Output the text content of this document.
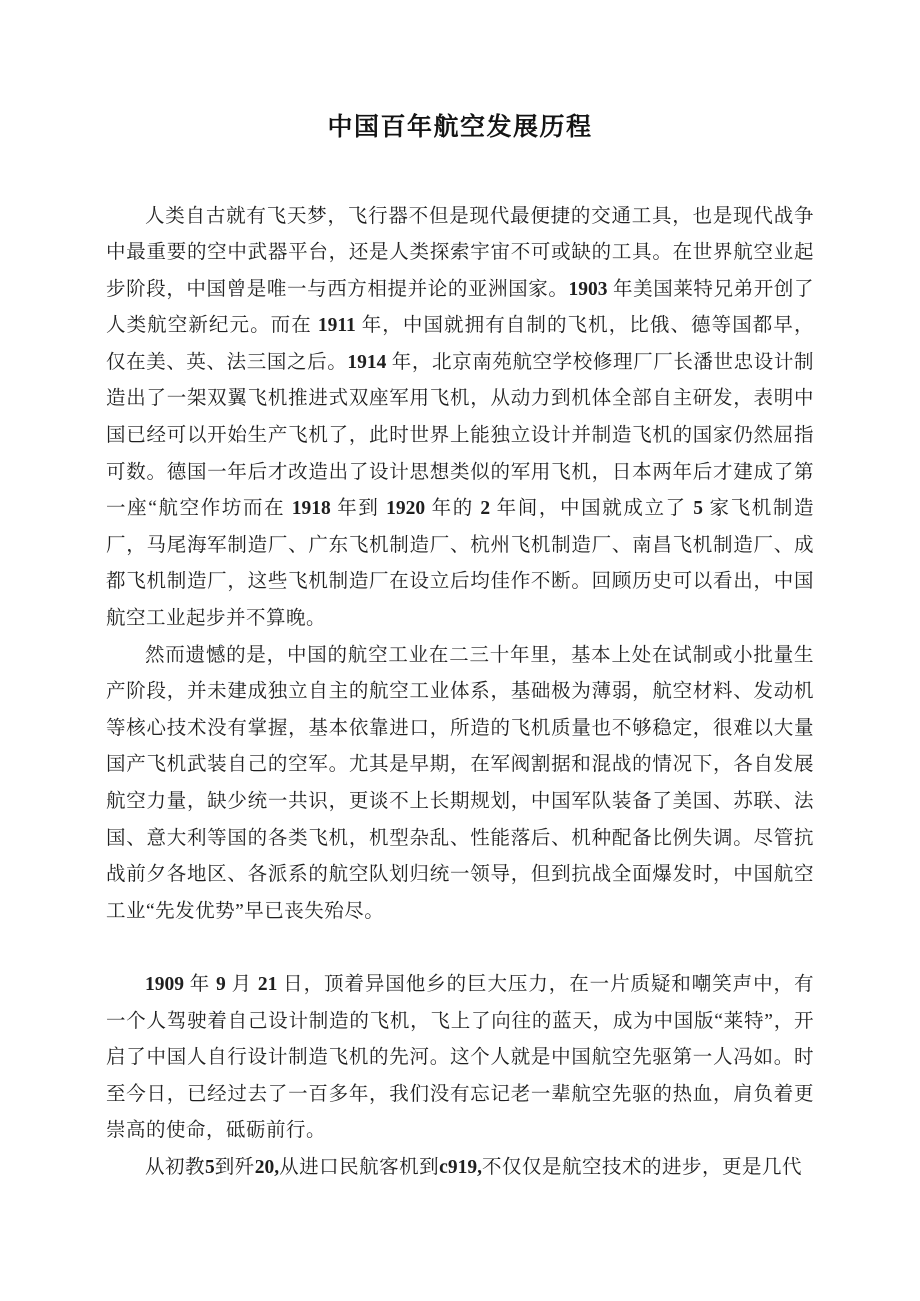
中国百年航空发展历程

人类自古就有飞天梦，飞行器不但是现代最便捷的交通工具，也是现代战争中最重要的空中武器平台，还是人类探索宇宙不可或缺的工具。在世界航空业起步阶段，中国曾是唯一与西方相提并论的亚洲国家。1903 年美国莱特兄弟开创了人类航空新纪元。而在 1911 年，中国就拥有自制的飞机，比俄、德等国都早，仅在美、英、法三国之后。1914 年，北京南苑航空学校修理厂厂长潘世忠设计制造出了一架双翼飞机推进式双座军用飞机，从动力到机体全部自主研发，表明中国已经可以开始生产飞机了，此时世界上能独立设计并制造飞机的国家仍然屈指可数。德国一年后才改造出了设计思想类似的军用飞机，日本两年后才建成了第一座“航空作坊而在 1918 年到 1920 年的 2 年间，中国就成立了 5 家飞机制造厂，马尾海军制造厂、广东飞机制造厂、杭州飞机制造厂、南昌飞机制造厂、成都飞机制造厂，这些飞机制造厂在设立后均佳作不断。回顾历史可以看出，中国航空工业起步并不算晚。

然而遗憾的是，中国的航空工业在二三十年里，基本上处在试制或小批量生产阶段，并未建成独立自主的航空工业体系，基础极为薄弱，航空材料、发动机等核心技术没有掌握，基本依靠进口，所造的飞机质量也不够稳定，很难以大量国产飞机武装自己的空军。尤其是早期，在军阀割据和混战的情况下，各自发展航空力量，缺少统一共识，更谈不上长期规划，中国军队装备了美国、苏联、法国、意大利等国的各类飞机，机型杂乱、性能落后、机种配备比例失调。尽管抗战前夕各地区、各派系的航空队划归统一领导，但到抗战全面爆发时，中国航空工业“先发优势”早已丧失殆尽。

1909 年 9 月 21 日，顶着异国他乡的巨大压力，在一片质疑和嘲笑声中，有一个人驾驶着自己设计制造的飞机，飞上了向往的蓝天，成为中国版“莱特”，开启了中国人自行设计制造飞机的先河。这个人就是中国航空先驱第一人冯如。时至今日，已经过去了一百多年，我们没有忘记老一辈航空先驱的热血，肩负着更崇高的使命，砥砺前行。

从初教5到歼20,从进口民航客机到c919,不仅仅是航空技术的进步，更是几代
